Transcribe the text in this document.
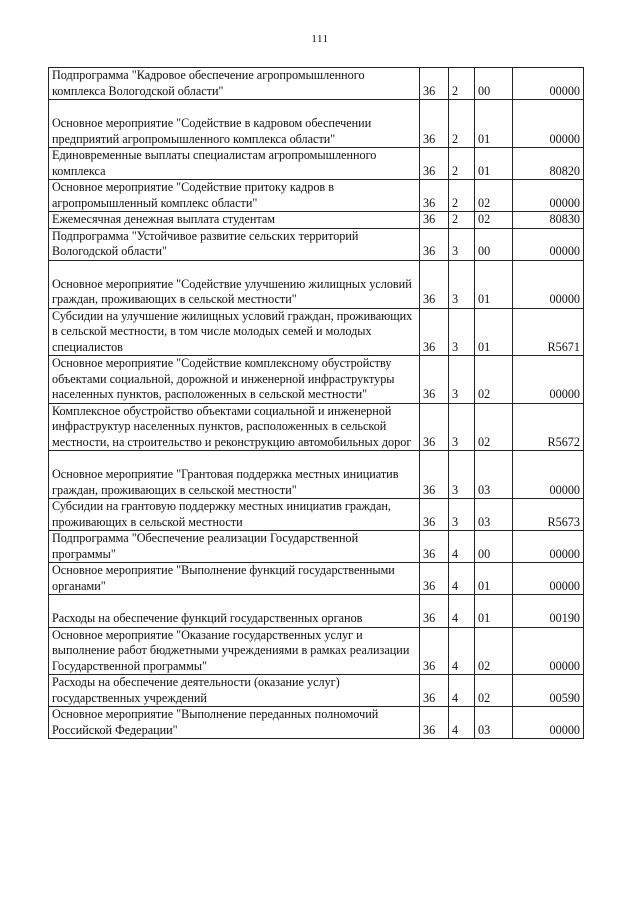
111
Подпрограмма "Кадровое обеспечение агропромышленного комплекса Вологодской области"	36	2	00	00000
Основное мероприятие "Содействие в кадровом обеспечении предприятий агропромышленного комплекса области"	36	2	01	00000
Единовременные выплаты специалистам агропромышленного комплекса	36	2	01	80820
Основное мероприятие "Содействие притоку кадров в агропромышленный комплекс области"	36	2	02	00000
Ежемесячная денежная выплата студентам	36	2	02	80830
Подпрограмма "Устойчивое развитие сельских территорий Вологодской области"	36	3	00	00000
Основное мероприятие "Содействие улучшению жилищных условий граждан, проживающих в сельской местности"	36	3	01	00000
Субсидии на улучшение жилищных условий граждан, проживающих в сельской местности, в том числе молодых семей и молодых специалистов	36	3	01	R5671
Основное мероприятие "Содействие комплексному обустройству объектами социальной, дорожной и инженерной инфраструктуры населенных пунктов, расположенных в сельской местности"	36	3	02	00000
Комплексное обустройство объектами социальной и инженерной инфраструктур населенных пунктов, расположенных в сельской местности, на строительство и реконструкцию автомобильных дорог	36	3	02	R5672
Основное мероприятие "Грантовая поддержка местных инициатив граждан, проживающих в сельской местности"	36	3	03	00000
Субсидии на грантовую поддержку местных инициатив граждан, проживающих в сельской местности	36	3	03	R5673
Подпрограмма "Обеспечение реализации Государственной программы"	36	4	00	00000
Основное мероприятие "Выполнение функций государственными органами"	36	4	01	00000
Расходы на обеспечение функций государственных органов	36	4	01	00190
Основное мероприятие "Оказание государственных услуг и выполнение работ бюджетными учреждениями в рамках реализации Государственной программы"	36	4	02	00000
Расходы на обеспечение деятельности (оказание услуг) государственных учреждений	36	4	02	00590
Основное мероприятие "Выполнение переданных полномочий Российской Федерации"	36	4	03	00000
